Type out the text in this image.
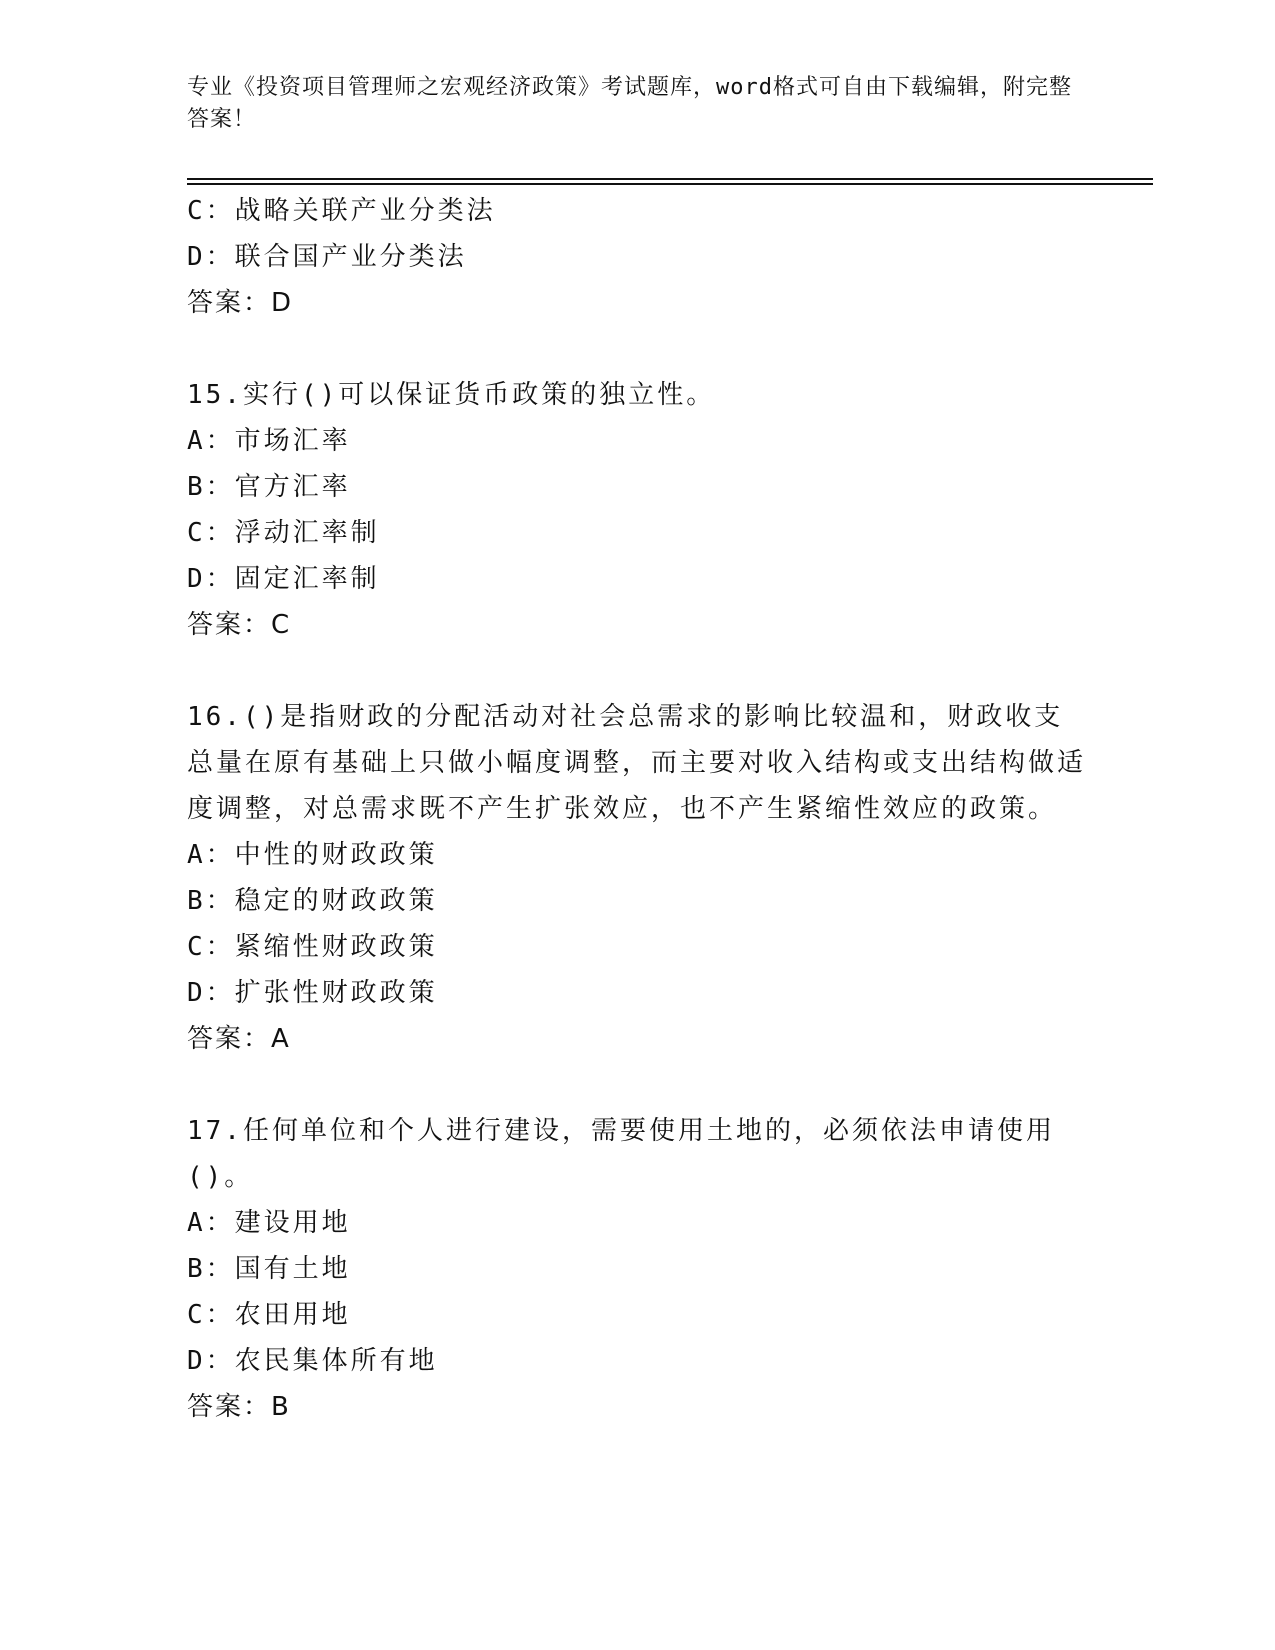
专业《投资项目管理师之宏观经济政策》考试题库，word格式可自由下载编辑，附完整答案！
C：战略关联产业分类法
D：联合国产业分类法
答案：D
15.实行()可以保证货币政策的独立性。
A：市场汇率
B：官方汇率
C：浮动汇率制
D：固定汇率制
答案：C
16.()是指财政的分配活动对社会总需求的影响比较温和，财政收支总量在原有基础上只做小幅度调整，而主要对收入结构或支出结构做适度调整，对总需求既不产生扩张效应，也不产生紧缩性效应的政策。
A：中性的财政政策
B：稳定的财政政策
C：紧缩性财政政策
D：扩张性财政政策
答案：A
17.任何单位和个人进行建设，需要使用土地的，必须依法申请使用()。
A：建设用地
B：国有土地
C：农田用地
D：农民集体所有地
答案：B
